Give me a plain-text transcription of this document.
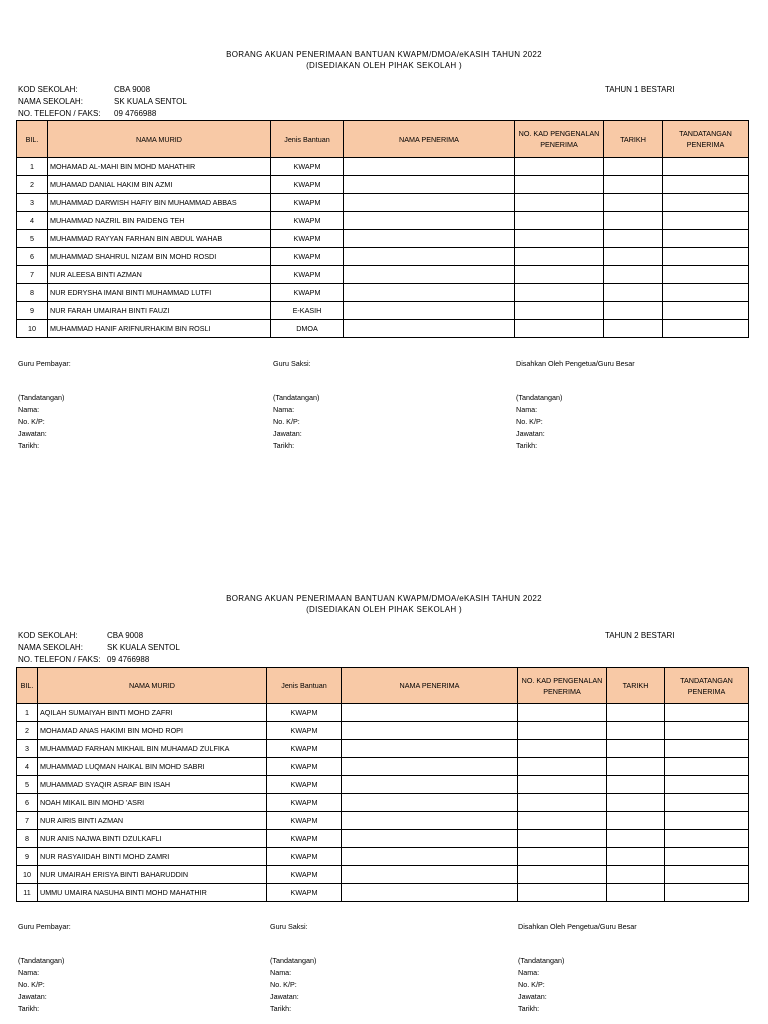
BORANG AKUAN PENERIMAAN BANTUAN KWAPM/DMOA/eKASIH TAHUN 2022
(DISEDIAKAN OLEH PIHAK SEKOLAH )
KOD SEKOLAH:	CBA 9008
NAMA SEKOLAH:	SK KUALA SENTOL
NO. TELEFON / FAKS: 09 4766988
TAHUN 1 BESTARI
BIL.	NAMA MURID	Jenis Bantuan	NAMA PENERIMA	NO. KAD PENGENALAN PENERIMA	TARIKH	TANDATANGAN PENERIMA
1	MOHAMAD AL-MAHI BIN MOHD MAHATHIR	KWAPM				
2	MUHAMAD DANIAL HAKIM BIN AZMI	KWAPM				
3	MUHAMMAD DARWISH HAFIY BIN MUHAMMAD ABBAS	KWAPM				
4	MUHAMMAD NAZRIL BIN PAIDENG TEH	KWAPM				
5	MUHAMMAD RAYYAN FARHAN BIN ABDUL WAHAB	KWAPM				
6	MUHAMMAD SHAHRUL NIZAM BIN MOHD ROSDI	KWAPM				
7	NUR ALEESA BINTI AZMAN	KWAPM				
8	NUR EDRYSHA IMANI BINTI MUHAMMAD LUTFI	KWAPM				
9	NUR FARAH UMAIRAH BINTI FAUZI	E-KASIH				
10	MUHAMMAD HANIF ARIFNURHAKIM BIN ROSLI	DMOA				
Guru Pembayar:
(Tandatangan)
Nama:
No. K/P:
Jawatan:
Tarikh:
Guru Saksi:
(Tandatangan)
Nama:
No. K/P:
Jawatan:
Tarikh:
Disahkan Oleh Pengetua/Guru Besar
(Tandatangan)
Nama:
No. K/P:
Jawatan:
Tarikh:
BORANG AKUAN PENERIMAAN BANTUAN KWAPM/DMOA/eKASIH TAHUN 2022
(DISEDIAKAN OLEH PIHAK SEKOLAH )
KOD SEKOLAH:	CBA 9008
NAMA SEKOLAH:	SK KUALA SENTOL
NO. TELEFON / FAKS: 09 4766988
TAHUN 2 BESTARI
BIL.	NAMA MURID	Jenis Bantuan	NAMA PENERIMA	NO. KAD PENGENALAN PENERIMA	TARIKH	TANDATANGAN PENERIMA
1	AQILAH SUMAIYAH BINTI MOHD ZAFRI	KWAPM				
2	MOHAMAD ANAS HAKIMI BIN MOHD ROPI	KWAPM				
3	MUHAMMAD FARHAN MIKHAIL BIN MUHAMAD ZULFIKA	KWAPM				
4	MUHAMMAD LUQMAN HAIKAL BIN MOHD SABRI	KWAPM				
5	MUHAMMAD SYAQIR ASRAF BIN ISAH	KWAPM				
6	NOAH MIKAIL BIN MOHD 'ASRI	KWAPM				
7	NUR AIRIS BINTI AZMAN	KWAPM				
8	NUR ANIS NAJWA BINTI DZULKAFLI	KWAPM				
9	NUR RASYAIIDAH BINTI MOHD ZAMRI	KWAPM				
10	NUR UMAIRAH ERISYA BINTI BAHARUDDIN	KWAPM				
11	UMMU UMAIRA NASUHA BINTI MOHD MAHATHIR	KWAPM				
Guru Pembayar:
(Tandatangan)
Nama:
No. K/P:
Jawatan:
Tarikh:
Guru Saksi:
(Tandatangan)
Nama:
No. K/P:
Jawatan:
Tarikh:
Disahkan Oleh Pengetua/Guru Besar
(Tandatangan)
Nama:
No. K/P:
Jawatan:
Tarikh:
